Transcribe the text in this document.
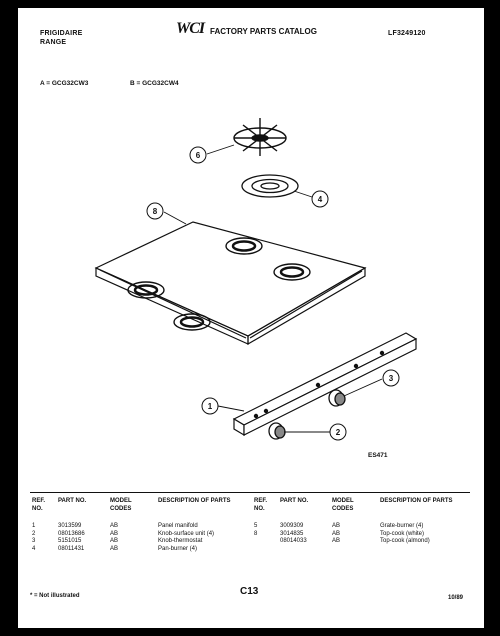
FRIGIDAIRE
RANGE
WCI FACTORY PARTS CATALOG	LF3249120
A = GCG32CW3	B = GCG32CW4
6
4
8
3
1
2
ES471
REF. NO.	PART NO.	MODEL CODES	DESCRIPTION OF PARTS

1	3013599	AB	Panel manifold
2	08013686	AB	Knob-surface unit (4)
3	5151015	AB	Knob-thermostat
4	08011431	AB	Pan-burner (4)
REF. NO.	PART NO.	MODEL CODES	DESCRIPTION OF PARTS

5	3009309	AB	Grate-burner (4)
8	3014835	AB	Top-cook (white)
	08014033	AB	Top-cook (almond)
* = Not illustrated	C13
10/89
